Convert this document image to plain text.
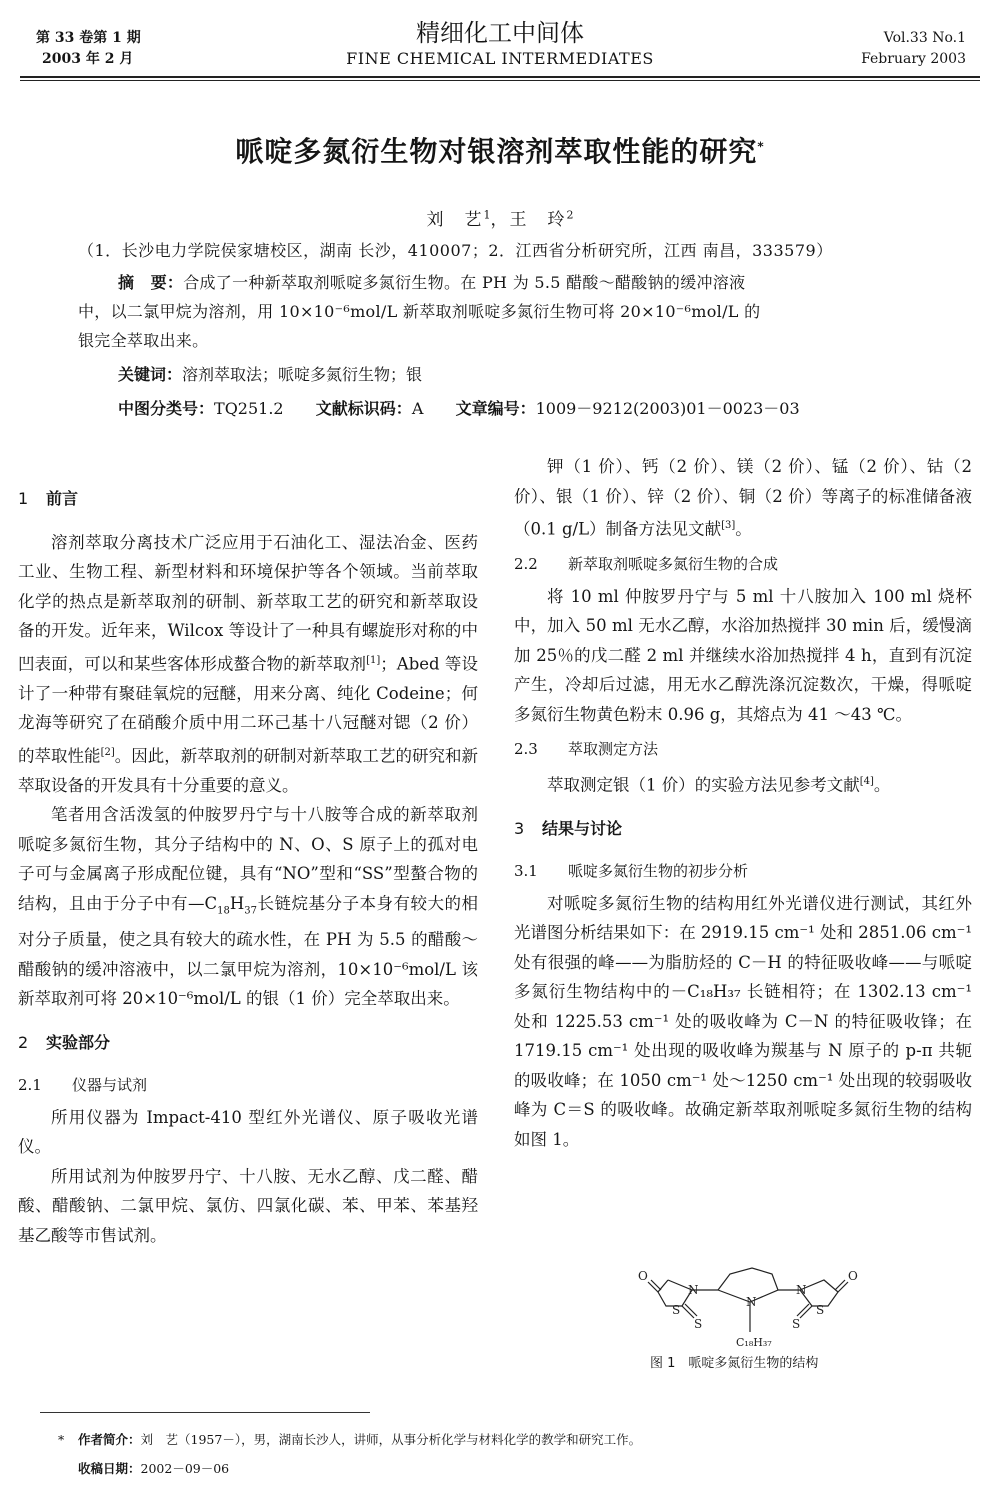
第 33 卷第 1 期
2003 年 2 月
精细化工中间体
FINE CHEMICAL INTERMEDIATES
Vol.33 No.1
February 2003
哌啶多氮衍生物对银溶剂萃取性能的研究*
刘　艺$^1$，王　玲$^2$
（1．长沙电力学院侯家塘校区，湖南 长沙，410007；2．江西省分析研究所，江西 南昌，333579）
摘　要：合成了一种新萃取剂哌啶多氮衍生物。在 PH 为 5.5 醋酸～醋酸钠的缓冲溶液
中，以二氯甲烷为溶剂，用 10×10⁻⁶mol/L 新萃取剂哌啶多氮衍生物可将 20×10⁻⁶mol/L 的
银完全萃取出来。
关键词：溶剂萃取法；哌啶多氮衍生物；银
中图分类号：TQ251.2 文献标识码：A 文章编号：1009－9212(2003)01－0023－03
1 前言

溶剂萃取分离技术广泛应用于石油化工、湿法冶金、医药工业、生物工程、新型材料和环境保护等各个领域。当前萃取化学的热点是新萃取剂的研制、新萃取工艺的研究和新萃取设备的开发。近年来，Wilcox 等设计了一种具有螺旋形对称的中凹表面，可以和某些客体形成螯合物的新萃取剂[1]；Abed 等设计了一种带有聚硅氧烷的冠醚，用来分离、纯化 Codeine；何龙海等研究了在硝酸介质中用二环己基十八冠醚对锶（2 价）的萃取性能[2]。因此，新萃取剂的研制对新萃取工艺的研究和新萃取设备的开发具有十分重要的意义。

笔者用含活泼氢的仲胺罗丹宁与十八胺等合成的新萃取剂哌啶多氮衍生物，其分子结构中的 N、O、S 原子上的孤对电子可与金属离子形成配位键，具有“NO”型和“SS”型螯合物的结构，且由于分子中有$—C_{18}H_{37}$长链烷基分子本身有较大的相对分子质量，使之具有较大的疏水性，在 PH 为 5.5 的醋酸～醋酸钠的缓冲溶液中，以二氯甲烷为溶剂，10×10⁻⁶mol/L 该新萃取剂可将 20×10⁻⁶mol/L 的银（1 价）完全萃取出来。

2 实验部分
2.1 仪器与试剂

所用仪器为 Impact-410 型红外光谱仪、原子吸收光谱仪。

所用试剂为仲胺罗丹宁、十八胺、无水乙醇、戊二醛、醋酸、醋酸钠、二氯甲烷、氯仿、四氯化碳、苯、甲苯、苯基羟基乙酸等市售试剂。

钾（1 价）、钙（2 价）、镁（2 价）、锰（2 价）、钴（2 价）、银（1 价）、锌（2 价）、铜（2 价）等离子的标准储备液（0.1 g/L）制备方法见文献[3]。

2.2 新萃取剂哌啶多氮衍生物的合成

将 10 ml 仲胺罗丹宁与 5 ml 十八胺加入 100 ml 烧杯中，加入 50 ml 无水乙醇，水浴加热搅拌 30 min 后，缓慢滴加 25％的戊二醛 2 ml 并继续水浴加热搅拌 4 h，直到有沉淀产生，冷却后过滤，用无水乙醇洗涤沉淀数次，干燥，得哌啶多氮衍生物黄色粉末 0.96 g，其熔点为 41 ～43 ℃。

2.3 萃取测定方法

萃取测定银（1 价）的实验方法见参考文献[4]。

3 结果与讨论
3.1 哌啶多氮衍生物的初步分析

对哌啶多氮衍生物的结构用红外光谱仪进行测试，其红外光谱图分析结果如下：在 2919.15 cm⁻¹ 处和 2851.06 cm⁻¹ 处有很强的峰——为脂肪烃的 C－H 的特征吸收峰——与哌啶多氮衍生物结构中的－C₁₈H₃₇ 长链相符；在 1302.13 cm⁻¹ 处和 1225.53 cm⁻¹ 处的吸收峰为 C－N 的特征吸收锋；在 1719.15 cm⁻¹ 处出现的吸收峰为羰基与 N 原子的 p-π 共轭的吸收峰；在 1050 cm⁻¹ 处～1250 cm⁻¹ 处出现的较弱吸收峰为 C＝S 的吸收峰。故确定新萃取剂哌啶多氮衍生物的结构如图 1。

O
N
S
S
N
N
S
S
O
C₁₈H₃₇
图 1　哌啶多氮衍生物的结构
* 作者简介：刘　艺（1957－），男，湖南长沙人，讲师，从事分析化学与材料化学的教学和研究工作。
收稿日期：2002－09－06
